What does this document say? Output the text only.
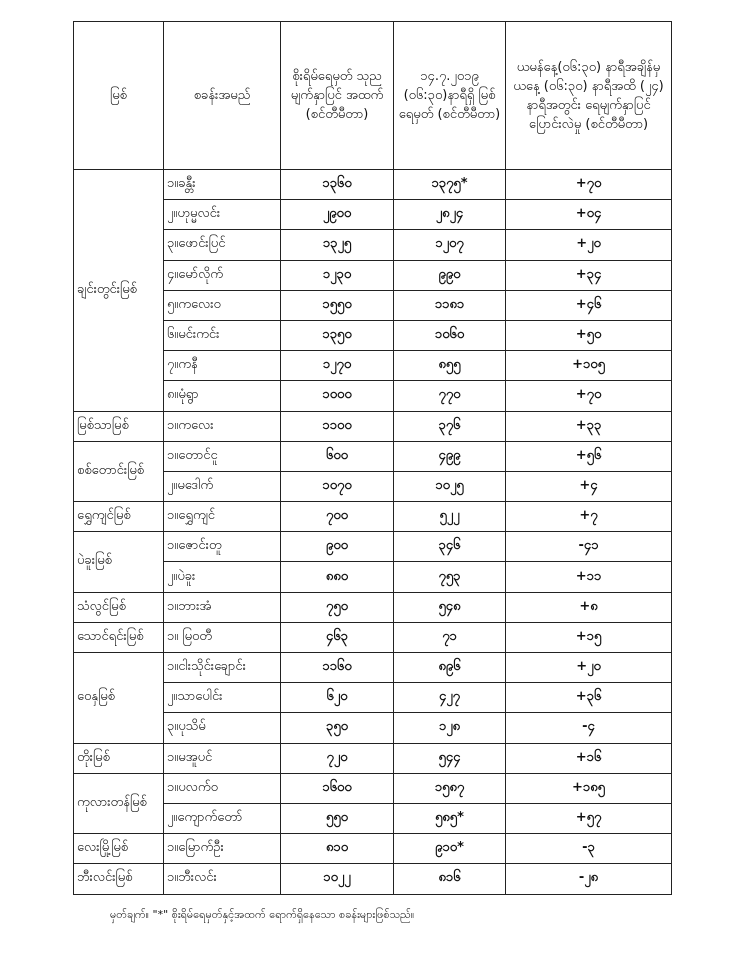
မြစ်	စခန်းအမည်	စိုးရိမ်ရေမှတ် သုည မျက်နှာပြင် အထက် (စင်တီမီတာ)	၁၄.၇.၂၀၁၉ (၀၆:၃၀)နာရီရှိ မြစ်ရေမှတ် (စင်တီမီတာ)	ယမန်နေ့(၀၆:၃၀) နာရီအချိန်မှ ယနေ့ (၀၆:၃၀) နာရီအထိ (၂၄) နာရီအတွင်း ရေမျက်နှာပြင်ပြောင်းလဲမှု (စင်တီမီတာ)
ချင်းတွင်းမြစ်	၁။ခန္တီး	၁၃၆၀	၁၃၇၅*	+၇၀
	၂။ဟုမ္မလင်း	၂၉၀၀	၂၈၂၄	+၀၄
	၃။ဖောင်းပြင်	၁၃၂၅	၁၂၀၇	+၂၀
	၄။မော်လိုက်	၁၂၃၀	၉၉၀	+၃၄
	၅။ကလေးဝ	၁၅၅၀	၁၁၈၁	+၄၆
	၆။မင်းကင်း	၁၃၅၀	၁၀၆၀	+၅၀
	၇။ကနီ	၁၂၇၀	၈၅၅	+၁၀၅
	၈။မုံရွာ	၁၀၀၀	၇၇၀	+၇၀
မြစ်သာမြစ်	၁။ကလေး	၁၁၀၀	၃၇၆	+၃၃
စစ်တောင်းမြစ်	၁။တောင်ငူ	၆၀၀	၄၉၉	+၅၆
	၂။မဒေါက်	၁၀၇၀	၁၀၂၅	+၄
ရွှေကျင်မြစ်	၁။ရွှေကျင်	၇၀၀	၅၂၂	+၇
ပဲခူးမြစ်	၁။ဇောင်းတူ	၉၀၀	၃၄၆	-၄၁
	၂။ပဲခူး	၈၈၀	၇၅၃	+၁၁
သံလွင်မြစ်	၁။ဘားအံ	၇၅၀	၅၄၈	+၈
သောင်ရင်းမြစ်	၁။ မြဝတီ	၄၆၃	၇၁	+၁၅
ဝေနှမြစ်	၁။ငါးသိုင်းချောင်း	၁၁၆၀	၈၉၆	+၂၀
	၂။သာပေါင်း	၆၂၀	၄၂၇	+၃၆
	၃။ပုသိမ်	၃၅၀	၁၂၈	-၄
တိုးမြစ်	၁။မအူပင်	၇၂၀	၅၄၄	+၁၆
ကုလားတန်မြစ်	၁။ပလက်ဝ	၁၆၀၀	၁၅၈၇	+၁၈၅
	၂။ကျောက်တော်	၅၅၀	၅၈၅*	+၅၇
လေးမြို့မြစ်	၁။မြောက်ဦး	၈၁၀	၉၁၀*	-၃
ဘီးလင်းမြစ်	၁။ဘီးလင်း	၁၀၂၂	၈၁၆	-၂၈
မှတ်ချက်။ "*" စိုးရိမ်ရေမှတ်နှင့်အထက် ရောက်ရှိနေသော စခန်းများဖြစ်သည်။
